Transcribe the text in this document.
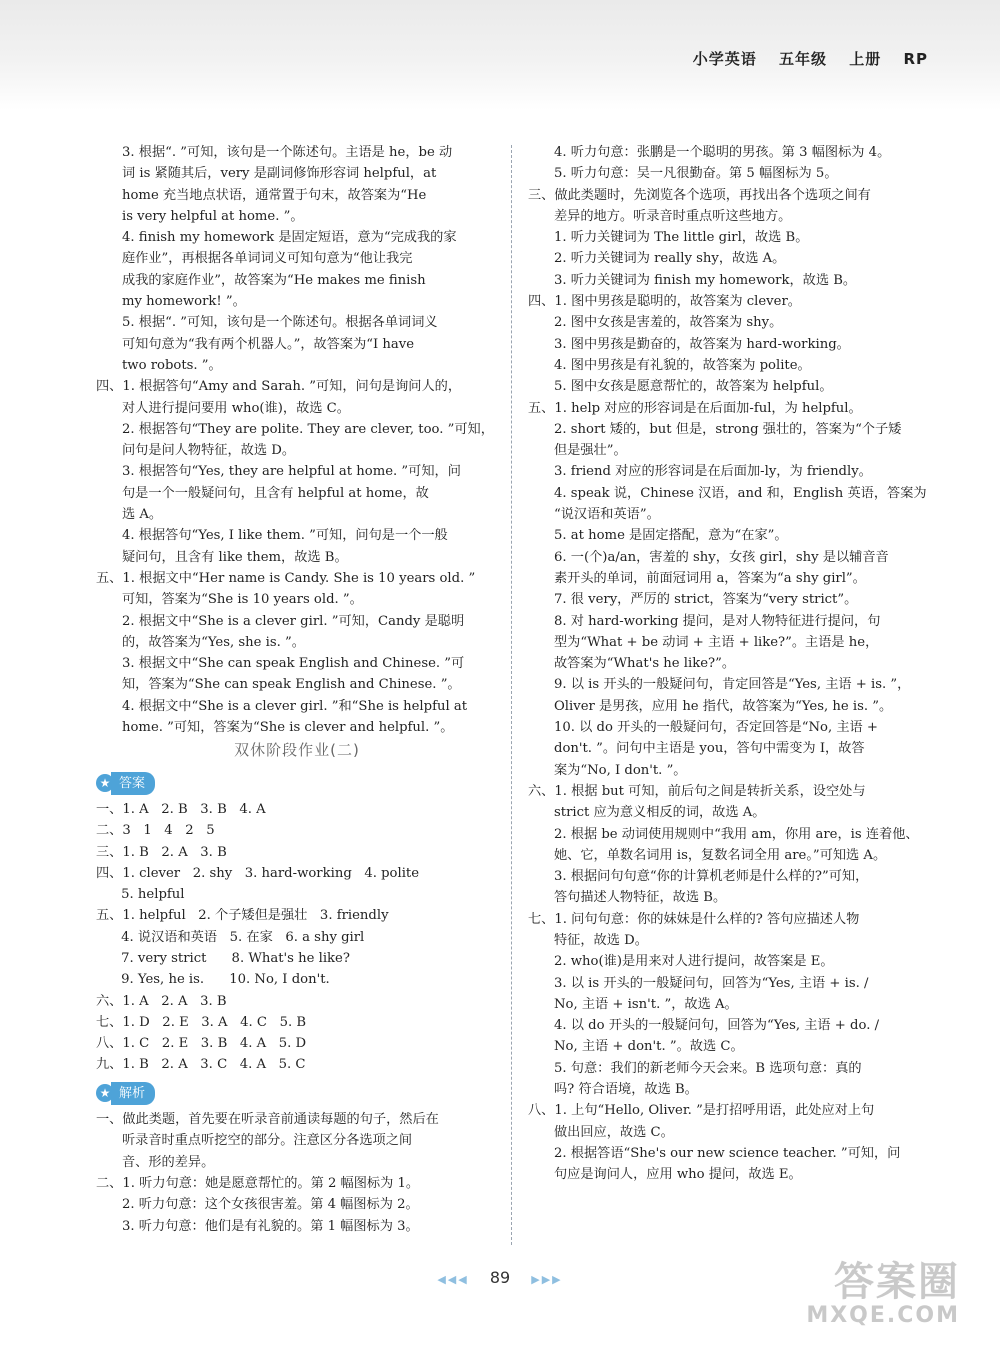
小学英语 五年级 上册 RP

3. 根据“. ”可知，该句是一个陈述句。主语是 he，be 动

词 is 紧随其后，very 是副词修饰形容词 helpful，at

home 充当地点状语，通常置于句末，故答案为“He

is very helpful at home. ”。

4. finish my homework 是固定短语，意为“完成我的家

庭作业”，再根据各单词词义可知句意为“他让我完

成我的家庭作业”，故答案为“He makes me finish

my homework! ”。

5. 根据“. ”可知，该句是一个陈述句。根据各单词词义

可知句意为“我有两个机器人。”，故答案为“I have

two robots. ”。

四、1. 根据答句“Amy and Sarah. ”可知，问句是询问人的，

对人进行提问要用 who(谁)，故选 C。

2. 根据答句“They are polite. They are clever, too. ”可知，

问句是问人物特征，故选 D。

3. 根据答句“Yes, they are helpful at home. ”可知，问

句是一个一般疑问句，且含有 helpful at home，故

选 A。

4. 根据答句“Yes, I like them. ”可知，问句是一个一般

疑问句，且含有 like them，故选 B。

五、1. 根据文中“Her name is Candy. She is 10 years old. ”

可知，答案为“She is 10 years old. ”。

2. 根据文中“She is a clever girl. ”可知，Candy 是聪明

的，故答案为“Yes, she is. ”。

3. 根据文中“She can speak English and Chinese. ”可

知，答案为“She can speak English and Chinese. ”。

4. 根据文中“She is a clever girl. ”和“She is helpful at

home. ”可知，答案为“She is clever and helpful. ”。

双休阶段作业(二)
★ 答案

一、1. A   2. B   3. B   4. A

二、3   1   4   2   5

三、1. B   2. A   3. B

四、1. clever   2. shy   3. hard-working   4. polite

5. helpful

五、1. helpful   2. 个子矮但是强壮   3. friendly

4. 说汉语和英语   5. 在家   6. a shy girl

7. very strict      8. What's he like?

9. Yes, he is.      10. No, I don't.

六、1. A   2. A   3. B

七、1. D   2. E   3. A   4. C   5. B

八、1. C   2. E   3. B   4. A   5. D

九、1. B   2. A   3. C   4. A   5. C

★ 解析

一、做此类题，首先要在听录音前通读每题的句子，然后在

听录音时重点听挖空的部分。注意区分各选项之间

音、形的差异。

二、1. 听力句意：她是愿意帮忙的。第 2 幅图标为 1。

2. 听力句意：这个女孩很害羞。第 4 幅图标为 2。

3. 听力句意：他们是有礼貌的。第 1 幅图标为 3。

4. 听力句意：张鹏是一个聪明的男孩。第 3 幅图标为 4。

5. 听力句意：吴一凡很勤奋。第 5 幅图标为 5。

三、做此类题时，先浏览各个选项，再找出各个选项之间有

差异的地方。听录音时重点听这些地方。

1. 听力关键词为 The little girl，故选 B。

2. 听力关键词为 really shy，故选 A。

3. 听力关键词为 finish my homework，故选 B。

四、1. 图中男孩是聪明的，故答案为 clever。

2. 图中女孩是害羞的，故答案为 shy。

3. 图中男孩是勤奋的，故答案为 hard-working。

4. 图中男孩是有礼貌的，故答案为 polite。

5. 图中女孩是愿意帮忙的，故答案为 helpful。

五、1. help 对应的形容词是在后面加-ful，为 helpful。

2. short 矮的，but 但是，strong 强壮的，答案为“个子矮

但是强壮”。

3. friend 对应的形容词是在后面加-ly，为 friendly。

4. speak 说，Chinese 汉语，and 和，English 英语，答案为

“说汉语和英语”。

5. at home 是固定搭配，意为“在家”。

6. 一(个)a/an，害羞的 shy，女孩 girl，shy 是以辅音音

素开头的单词，前面冠词用 a，答案为“a shy girl”。

7. 很 very，严厉的 strict，答案为“very strict”。

8. 对 hard-working 提问，是对人物特征进行提问，句

型为“What + be 动词 + 主语 + like?”。主语是 he，

故答案为“What's he like?”。

9. 以 is 开头的一般疑问句，肯定回答是“Yes, 主语 + is. ”，

Oliver 是男孩，应用 he 指代，故答案为“Yes, he is. ”。

10. 以 do 开头的一般疑问句，否定回答是“No, 主语 +

don't. ”。问句中主语是 you，答句中需变为 I，故答

案为“No, I don't. ”。

六、1. 根据 but 可知，前后句之间是转折关系，设空处与

strict 应为意义相反的词，故选 A。

2. 根据 be 动词使用规则中“我用 am，你用 are，is 连着他、

她、它，单数名词用 is，复数名词全用 are。”可知选 A。

3. 根据问句句意“你的计算机老师是什么样的?”可知，

答句描述人物特征，故选 B。

七、1. 问句句意：你的妹妹是什么样的? 答句应描述人物

特征，故选 D。

2. who(谁)是用来对人进行提问，故答案是 E。

3. 以 is 开头的一般疑问句，回答为“Yes, 主语 + is. /

No, 主语 + isn't. ”，故选 A。

4. 以 do 开头的一般疑问句，回答为“Yes, 主语 + do. /

No, 主语 + don't. ”。故选 C。

5. 句意：我们的新老师今天会来。B 选项句意：真的

吗? 符合语境，故选 B。

八、1. 上句“Hello, Oliver. ”是打招呼用语，此处应对上句

做出回应，故选 C。

2. 根据答语“She's our new science teacher. ”可知，问

句应是询问人，应用 who 提问，故选 E。

◀◀◀ 89 ▶▶▶	答案圈
MXQE.COM
